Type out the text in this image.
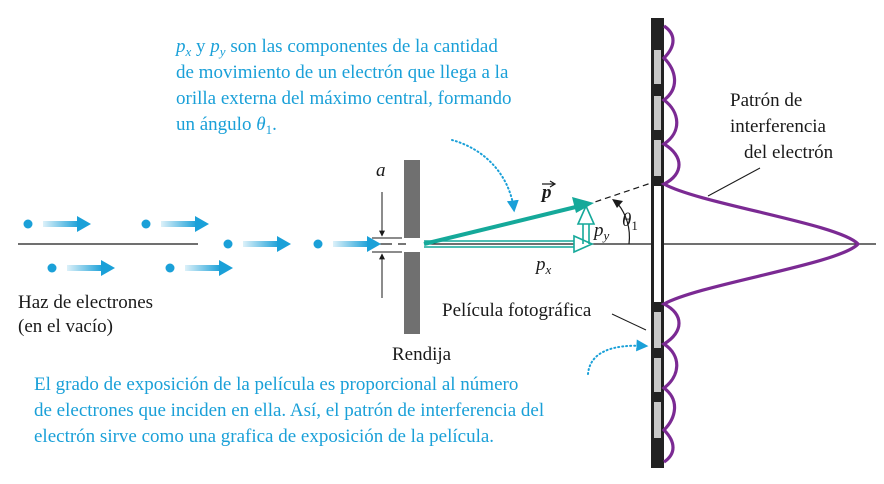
a
p
$p_x$
$p_y$
$\theta_1$
Haz de electrones
(en el vacío)
Rendija
Película fotográfica
Patrón de
interferencia
del electrón
$p_x$ y $p_y$ son las componentes de la cantidad
de movimiento de un electrón que llega a la
orilla externa del máximo central, formando
un ángulo $\theta_1$.
El grado de exposición de la película es proporcional al número
de electrones que inciden en ella. Así, el patrón de interferencia del
electrón sirve como una grafica de exposición de la película.
